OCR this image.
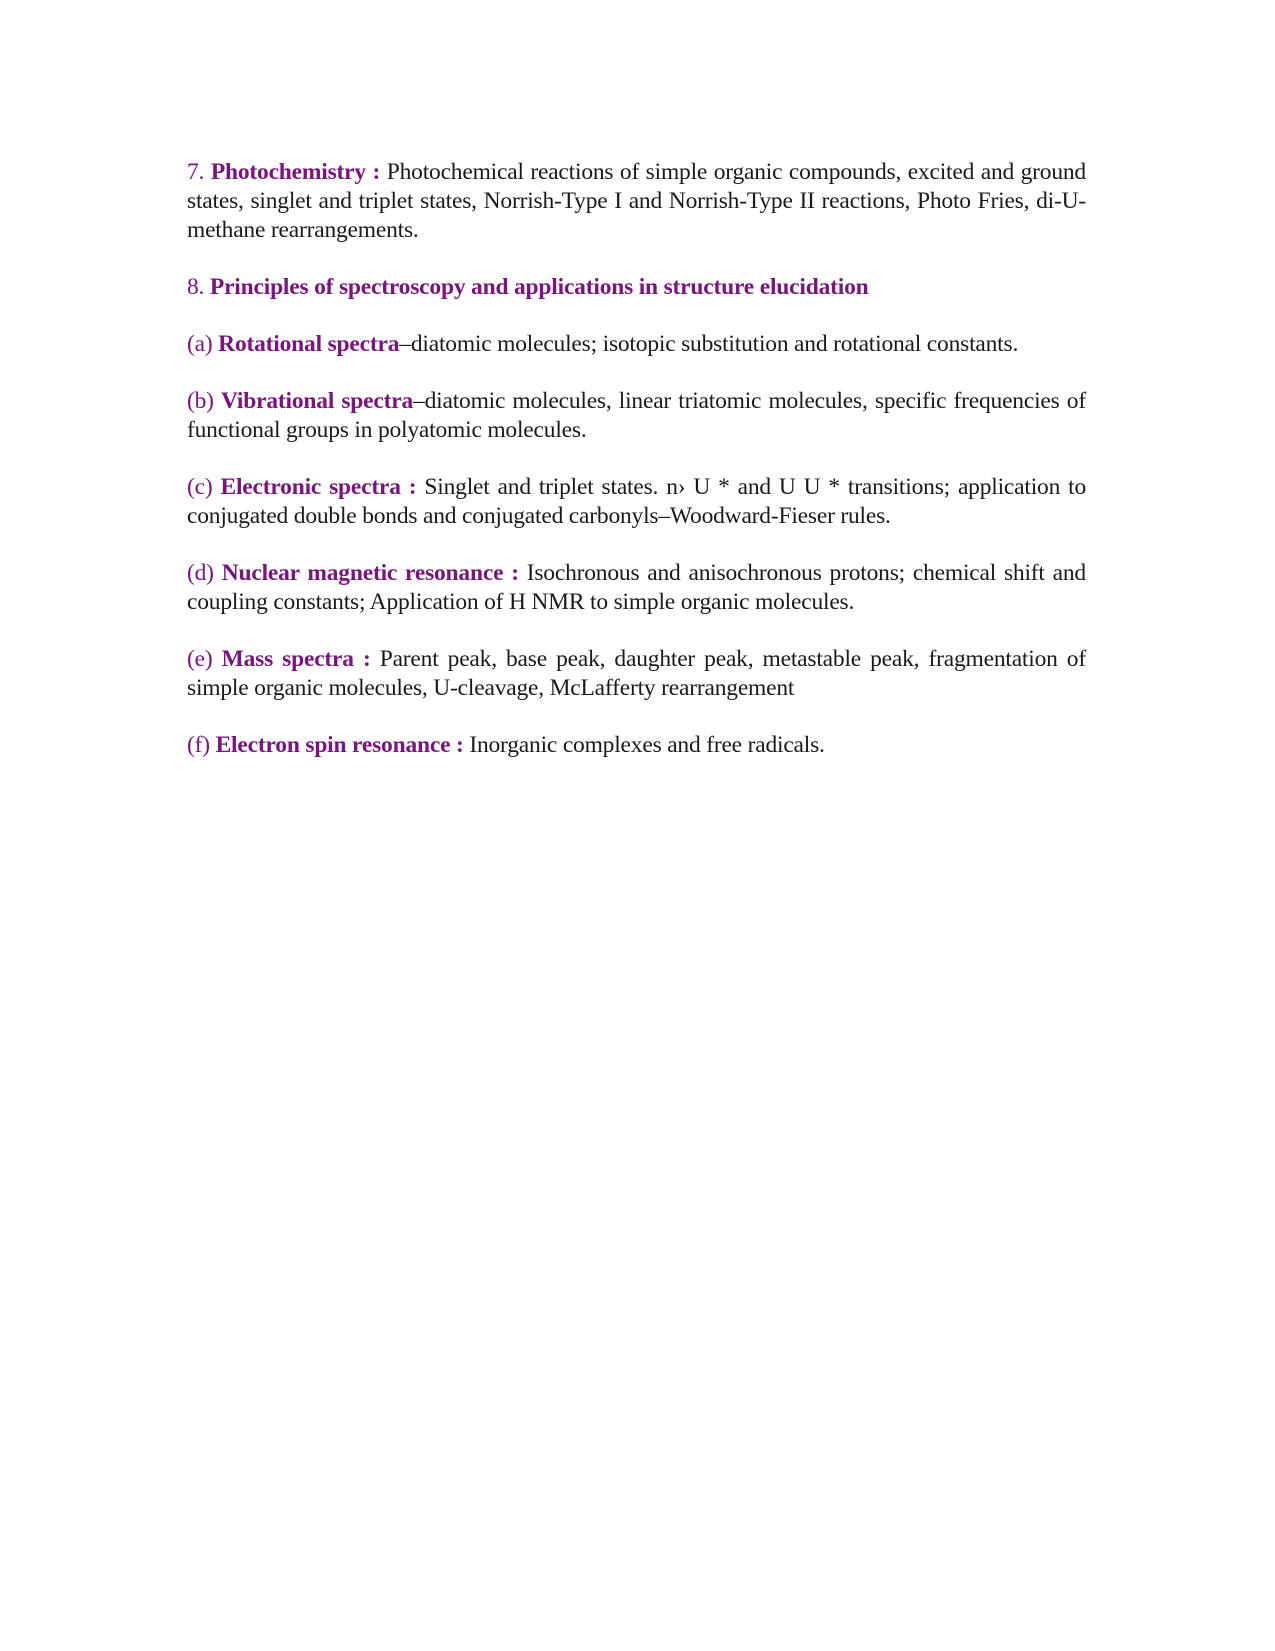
7. Photochemistry : Photochemical reactions of simple organic compounds, excited and ground states, singlet and triplet states, Norrish-Type I and Norrish-Type II reactions, Photo Fries, di-U-methane rearrangements.

8. Principles of spectroscopy and applications in structure elucidation

(a) Rotational spectra–diatomic molecules; isotopic substitution and rotational constants.

(b) Vibrational spectra–diatomic molecules, linear triatomic molecules, specific frequencies of functional groups in polyatomic molecules.

(c) Electronic spectra : Singlet and triplet states. n› U * and U U * transitions; application to conjugated double bonds and conjugated carbonyls–Woodward-Fieser rules.

(d) Nuclear magnetic resonance : Isochronous and anisochronous protons; chemical shift and coupling constants; Application of H NMR to simple organic molecules.

(e) Mass spectra : Parent peak, base peak, daughter peak, metastable peak, fragmentation of simple organic molecules, U-cleavage, McLafferty rearrangement

(f) Electron spin resonance : Inorganic complexes and free radicals.
